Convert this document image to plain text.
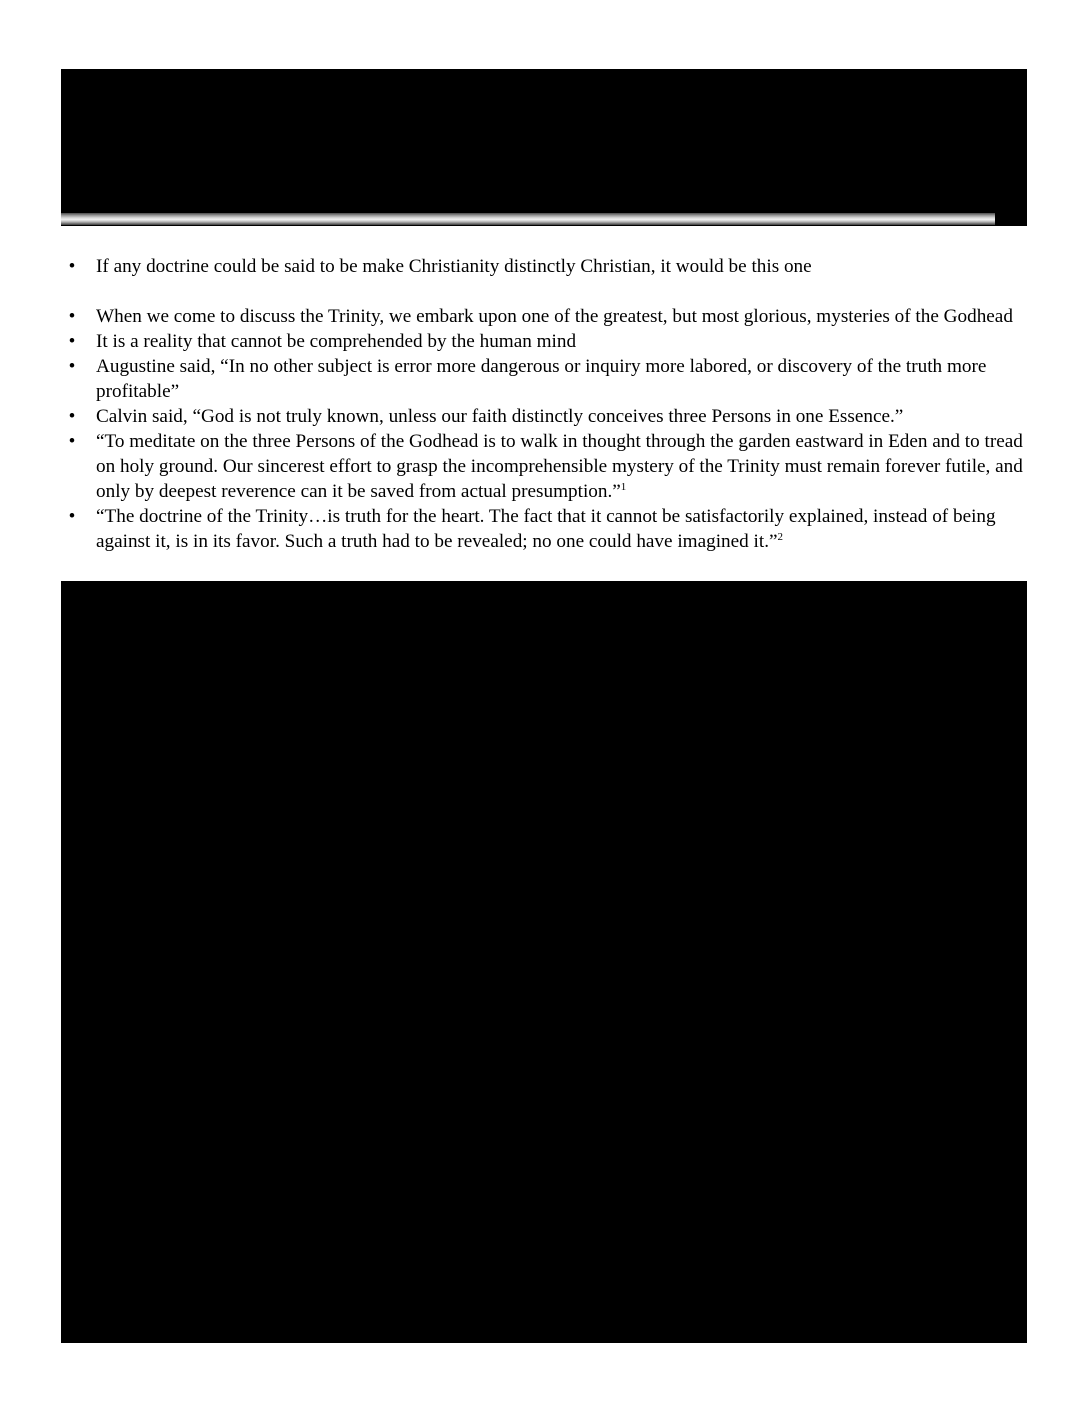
• If any doctrine could be said to be make Christianity distinctly Christian, it would be this one
• When we come to discuss the Trinity, we embark upon one of the greatest, but most glorious, mysteries of the Godhead
• It is a reality that cannot be comprehended by the human mind
• Augustine said, “In no other subject is error more dangerous or inquiry more labored, or discovery of the truth more profitable”
• Calvin said, “God is not truly known, unless our faith distinctly conceives three Persons in one Essence.”
• “To meditate on the three Persons of the Godhead is to walk in thought through the garden eastward in Eden and to tread on holy ground. Our sincerest effort to grasp the incomprehensible mystery of the Trinity must remain forever futile, and only by deepest reverence can it be saved from actual presumption.”$^1$
• “The doctrine of the Trinity…is truth for the heart. The fact that it cannot be satisfactorily explained, instead of being against it, is in its favor. Such a truth had to be revealed; no one could have imagined it.”$^2$
